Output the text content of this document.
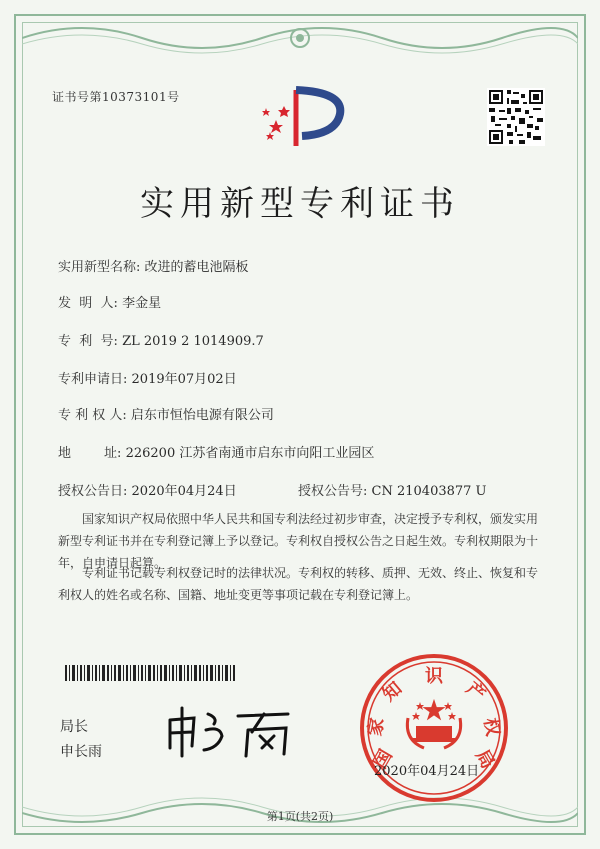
证书号第10373101号
实用新型专利证书
实用新型名称: 改进的蓄电池隔板
发  明  人: 李金星
专  利  号: ZL 2019 2 1014909.7
专利申请日: 2019年07月02日
专 利 权 人: 启东市恒怡电源有限公司
地        址: 226200 江苏省南通市启东市向阳工业园区
授权公告日: 2020年04月24日	授权公告号: CN 210403877 U
国家知识产权局依照中华人民共和国专利法经过初步审查，决定授予专利权，颁发实用新型专利证书并在专利登记簿上予以登记。专利权自授权公告之日起生效。专利权期限为十年，自申请日起算。
专利证书记载专利权登记时的法律状况。专利权的转移、质押、无效、终止、恢复和专利权人的姓名或名称、国籍、地址变更等事项记载在专利登记簿上。
局长
申长雨	国
家
知
识
产
权
局
2020年04月24日
第1页(共2页)
